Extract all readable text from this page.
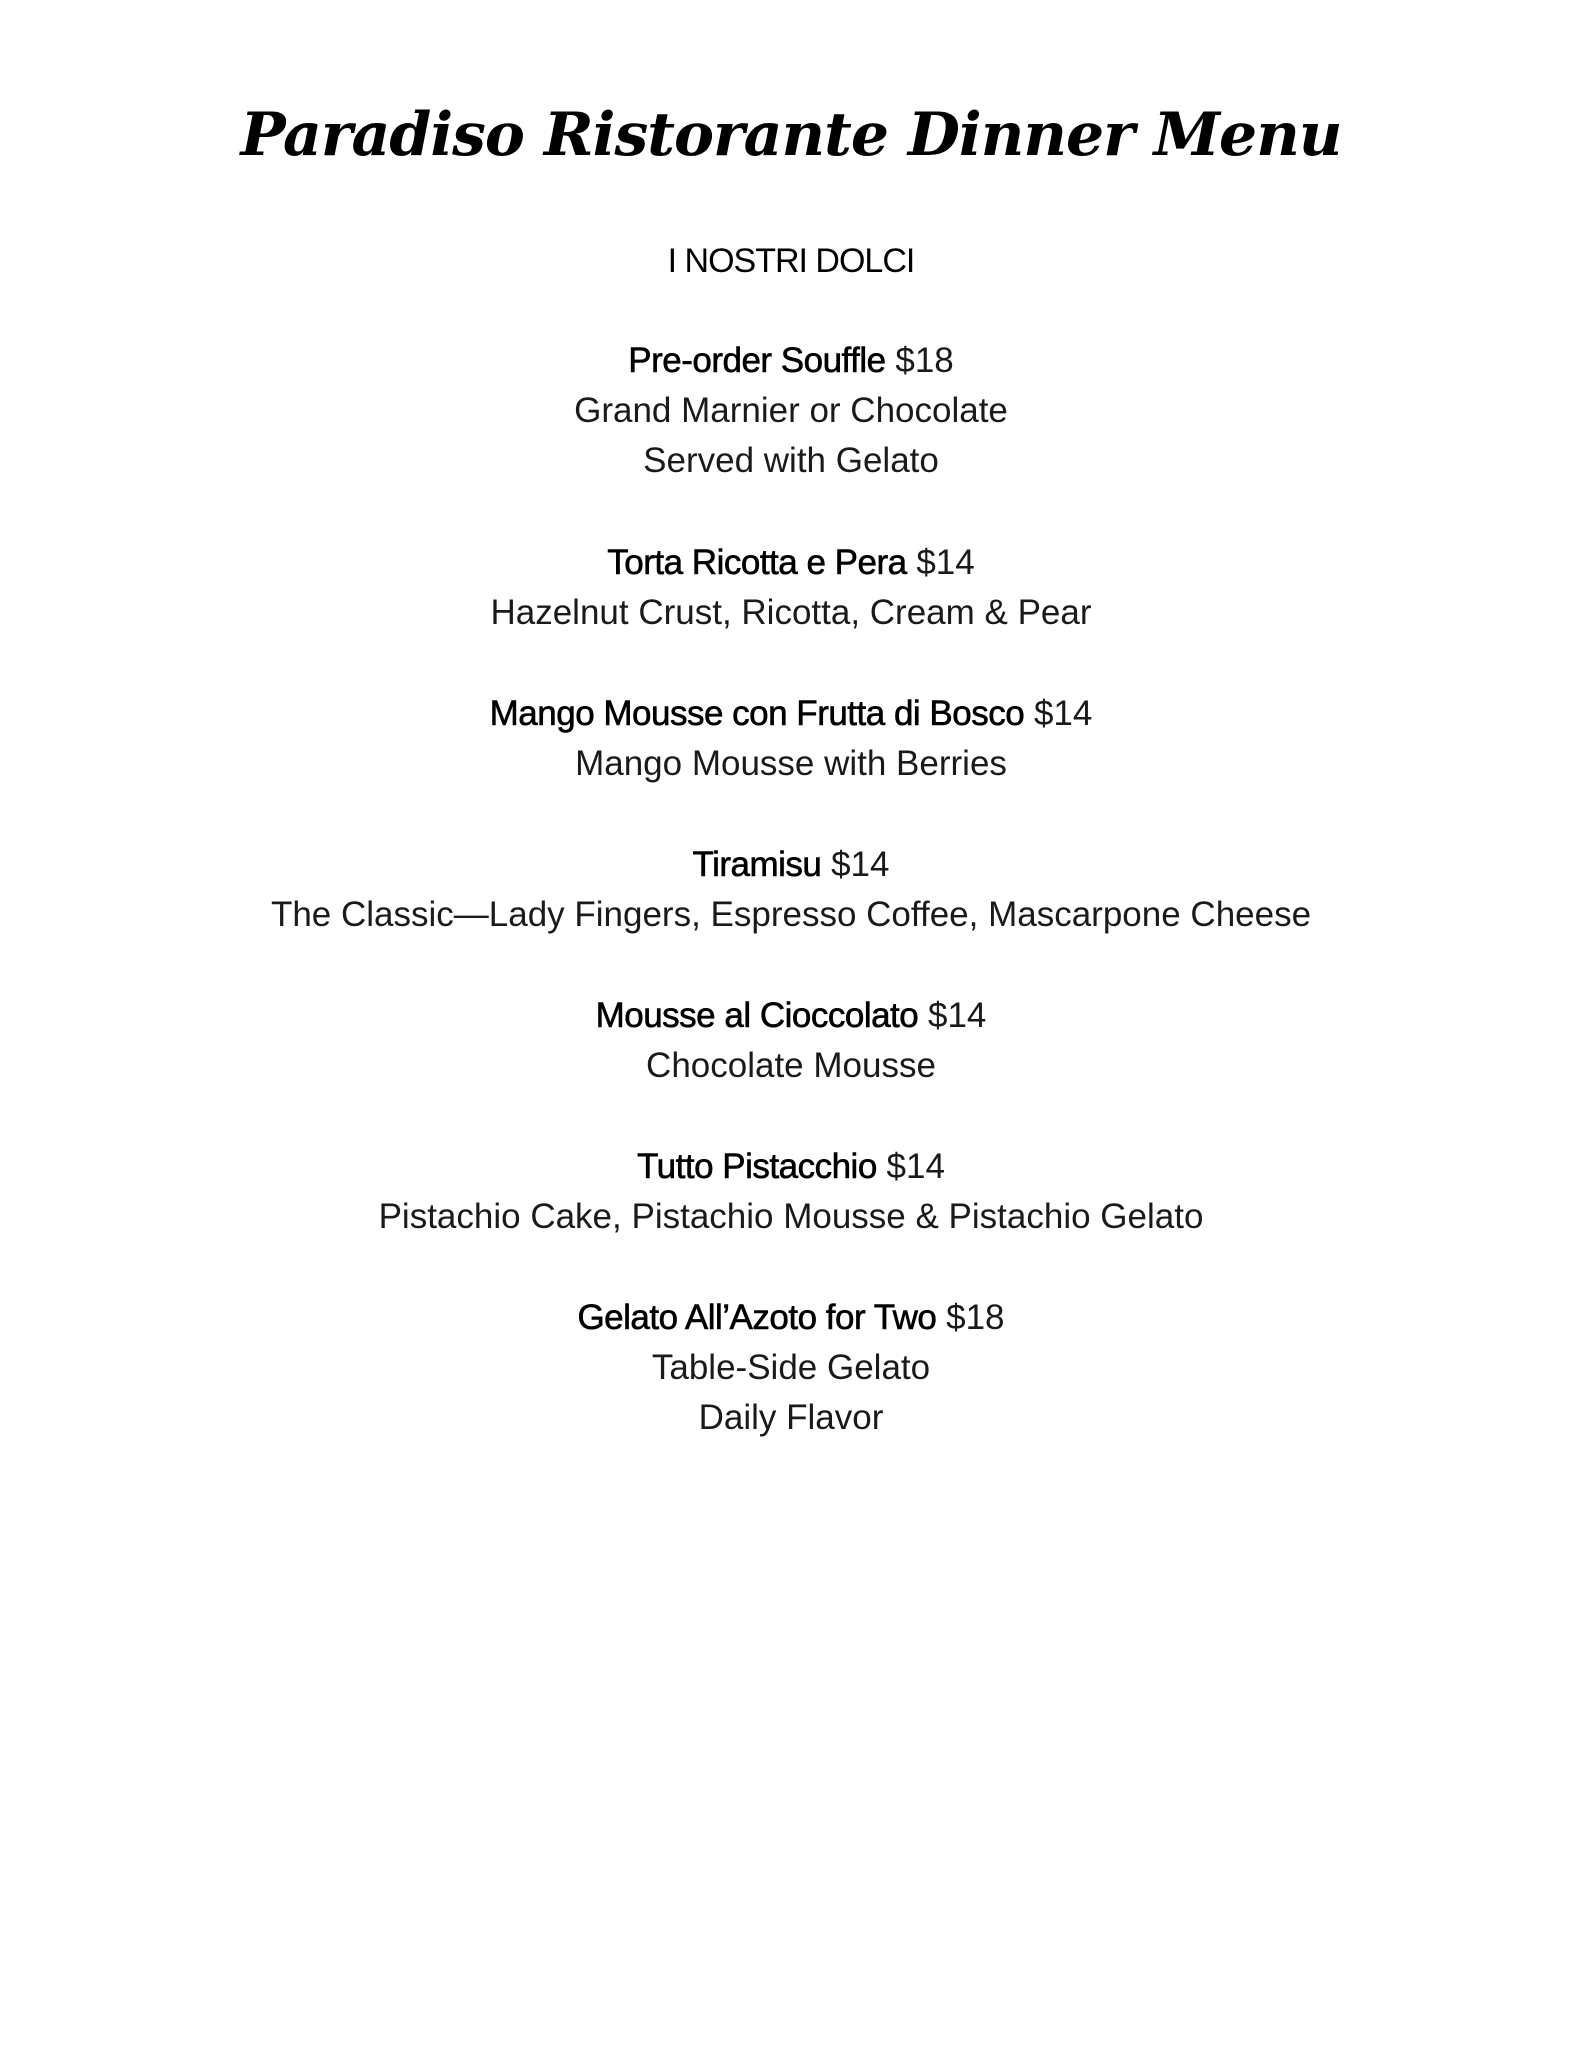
Paradiso Ristorante Dinner Menu
I NOSTRI DOLCI
Pre-order Souffle $18
Grand Marnier or Chocolate
Served with Gelato
Torta Ricotta e Pera $14
Hazelnut Crust, Ricotta, Cream & Pear
Mango Mousse con Frutta di Bosco $14
Mango Mousse with Berries
Tiramisu $14
The Classic—Lady Fingers, Espresso Coffee, Mascarpone Cheese
Mousse al Cioccolato $14
Chocolate Mousse
Tutto Pistacchio $14
Pistachio Cake, Pistachio Mousse & Pistachio Gelato
Gelato All’Azoto for Two $18
Table-Side Gelato
Daily Flavor
